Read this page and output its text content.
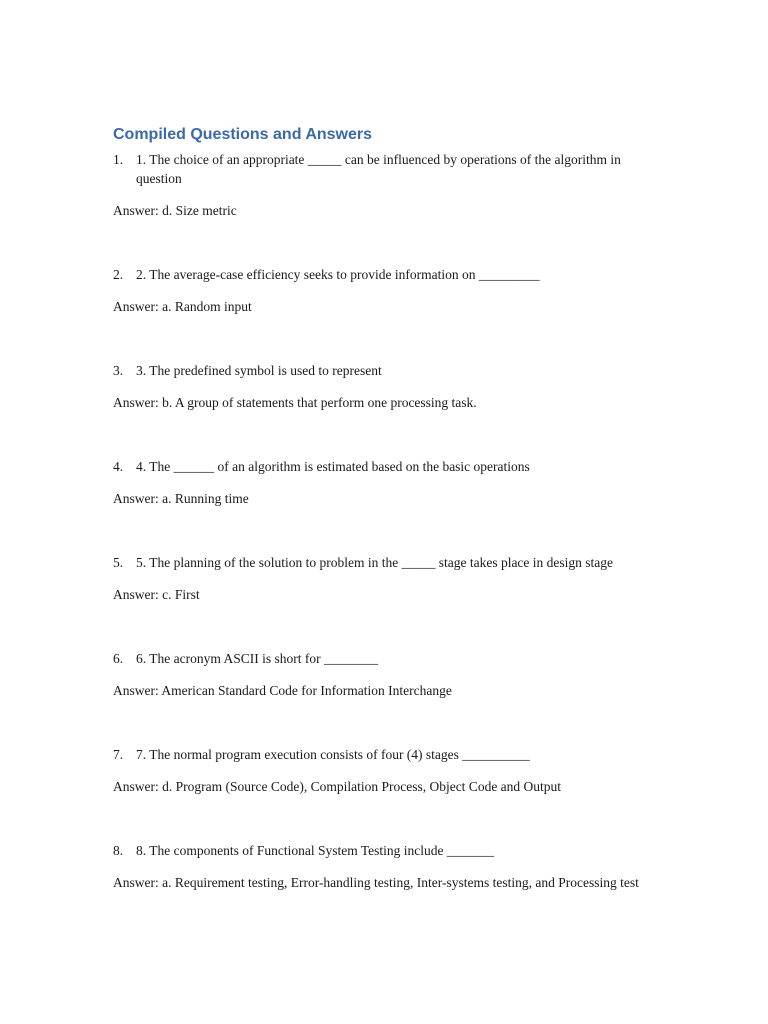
Compiled Questions and Answers

1. 1. The choice of an appropriate _____ can be influenced by operations of the algorithm in question

Answer: d. Size metric

2. 2. The average-case efficiency seeks to provide information on _________

Answer: a. Random input

3. 3. The predefined symbol is used to represent

Answer: b. A group of statements that perform one processing task.

4. 4. The ______ of an algorithm is estimated based on the basic operations

Answer: a. Running time

5. 5. The planning of the solution to problem in the _____ stage takes place in design stage

Answer: c. First

6. 6. The acronym ASCII is short for ________

Answer: American Standard Code for Information Interchange

7. 7. The normal program execution consists of four (4) stages __________

Answer: d. Program (Source Code), Compilation Process, Object Code and Output

8. 8. The components of Functional System Testing include _______

Answer: a. Requirement testing, Error-handling testing, Inter-systems testing, and Processing test
